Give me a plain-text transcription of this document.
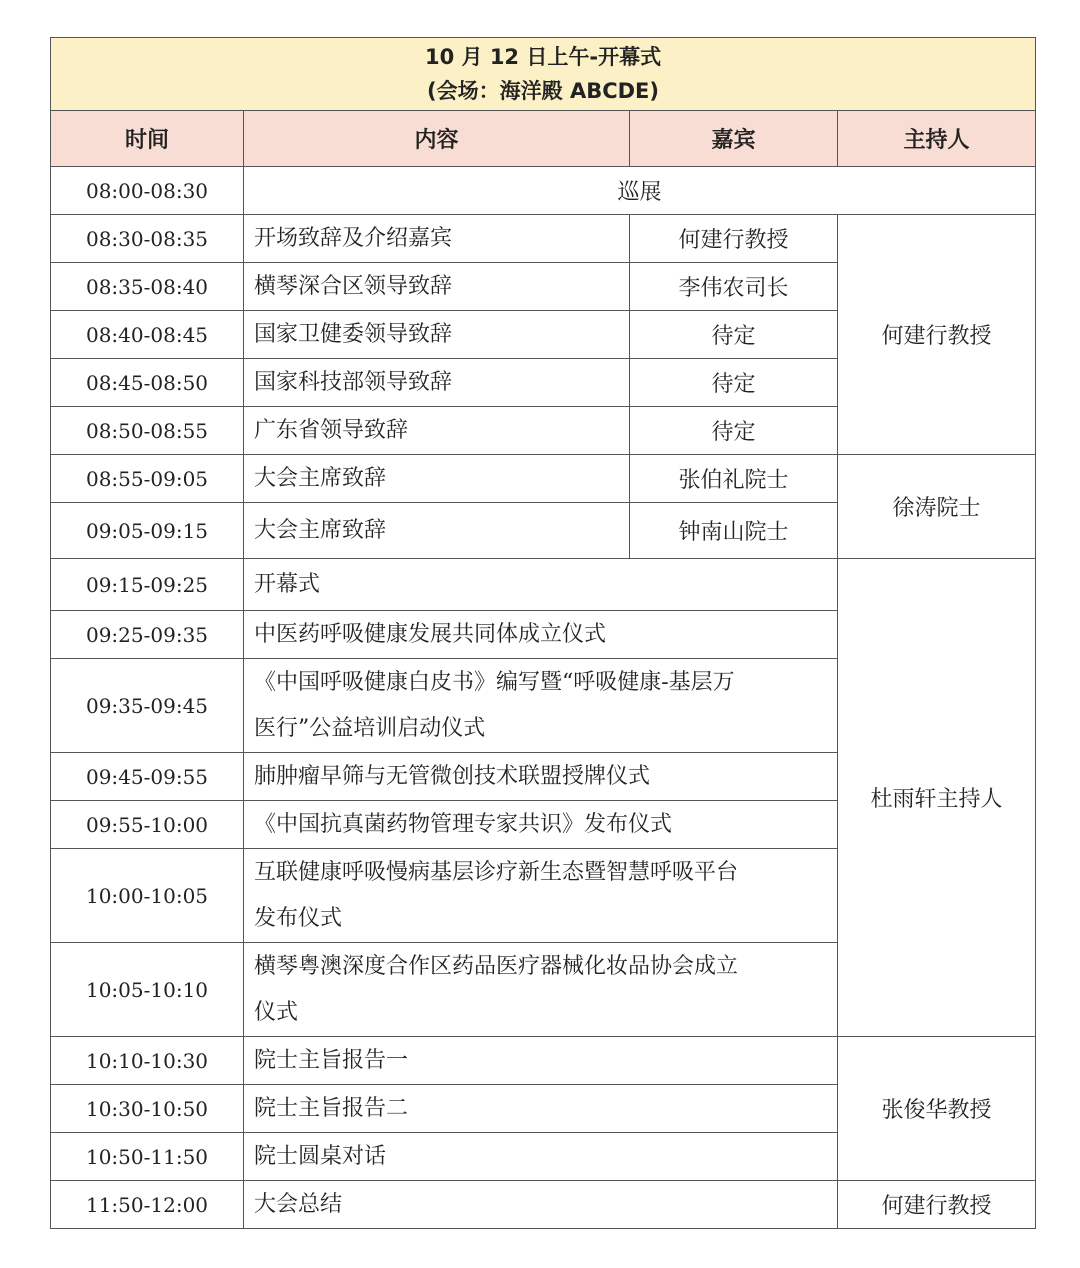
10 月 12 日上午-开幕式
(会场：海洋殿 ABCDE)			

时间	内容	嘉宾	主持人
08:00-08:30	巡展		
08:30-08:35	开场致辞及介绍嘉宾	何建行教授	何建行教授
08:35-08:40	横琴深合区领导致辞	李伟农司长	
08:40-08:45	国家卫健委领导致辞	待定	
08:45-08:50	国家科技部领导致辞	待定	
08:50-08:55	广东省领导致辞	待定	
08:55-09:05	大会主席致辞	张伯礼院士	徐涛院士
09:05-09:15	大会主席致辞	钟南山院士	
09:15-09:25	开幕式		杜雨轩主持人
09:25-09:35	中医药呼吸健康发展共同体成立仪式		
09:35-09:45	《中国呼吸健康白皮书》编写暨“呼吸健康-基层万
医行”公益培训启动仪式		

09:45-09:55	肺肿瘤早筛与无管微创技术联盟授牌仪式		
09:55-10:00	《中国抗真菌药物管理专家共识》发布仪式		
10:00-10:05	互联健康呼吸慢病基层诊疗新生态暨智慧呼吸平台
发布仪式		

10:05-10:10	横琴粤澳深度合作区药品医疗器械化妆品协会成立
仪式		

10:10-10:30	院士主旨报告一		张俊华教授
10:30-10:50	院士主旨报告二		
10:50-11:50	院士圆桌对话		
11:50-12:00	大会总结		何建行教授
